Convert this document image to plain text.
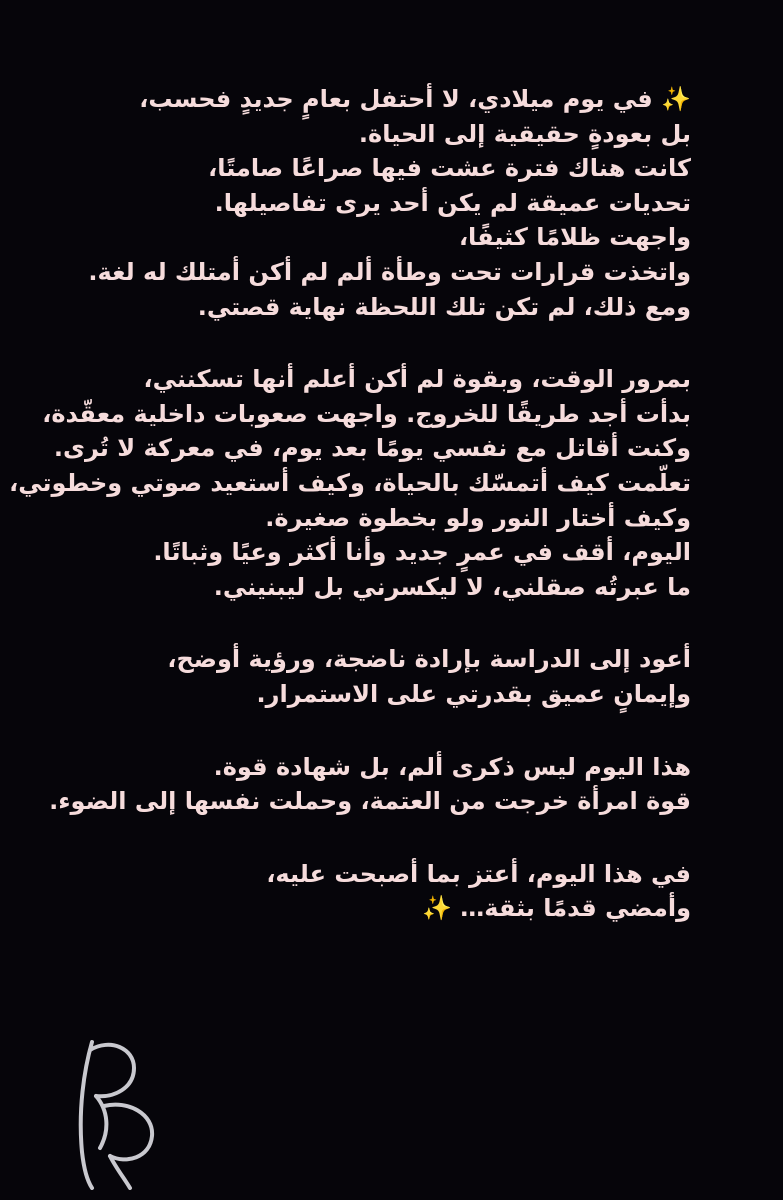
✨ في يوم ميلادي، لا أحتفل بعامٍ جديدٍ فحسب،
بل بعودةٍ حقيقية إلى الحياة.
كانت هناك فترة عشت فيها صراعًا صامتًا،
تحديات عميقة لم يكن أحد يرى تفاصيلها.
واجهت ظلامًا كثيفًا،
واتخذت قرارات تحت وطأة ألم لم أكن أمتلك له لغة.
ومع ذلك، لم تكن تلك اللحظة نهاية قصتي.
بمرور الوقت، وبقوة لم أكن أعلم أنها تسكنني،
بدأت أجد طريقًا للخروج. واجهت صعوبات داخلية معقّدة،
وكنت أقاتل مع نفسي يومًا بعد يوم، في معركة لا تُرى.
تعلّمت كيف أتمسّك بالحياة، وكيف أستعيد صوتي وخطوتي،
وكيف أختار النور ولو بخطوة صغيرة.
اليوم، أقف في عمرٍ جديد وأنا أكثر وعيًا وثباتًا.
ما عبرتُه صقلني، لا ليكسرني بل ليبنيني.
أعود إلى الدراسة بإرادة ناضجة، ورؤية أوضح،
وإيمانٍ عميق بقدرتي على الاستمرار.
هذا اليوم ليس ذكرى ألم، بل شهادة قوة.
قوة امرأة خرجت من العتمة، وحملت نفسها إلى الضوء.
في هذا اليوم، أعتز بما أصبحت عليه،
وأمضي قدمًا بثقة… ✨
